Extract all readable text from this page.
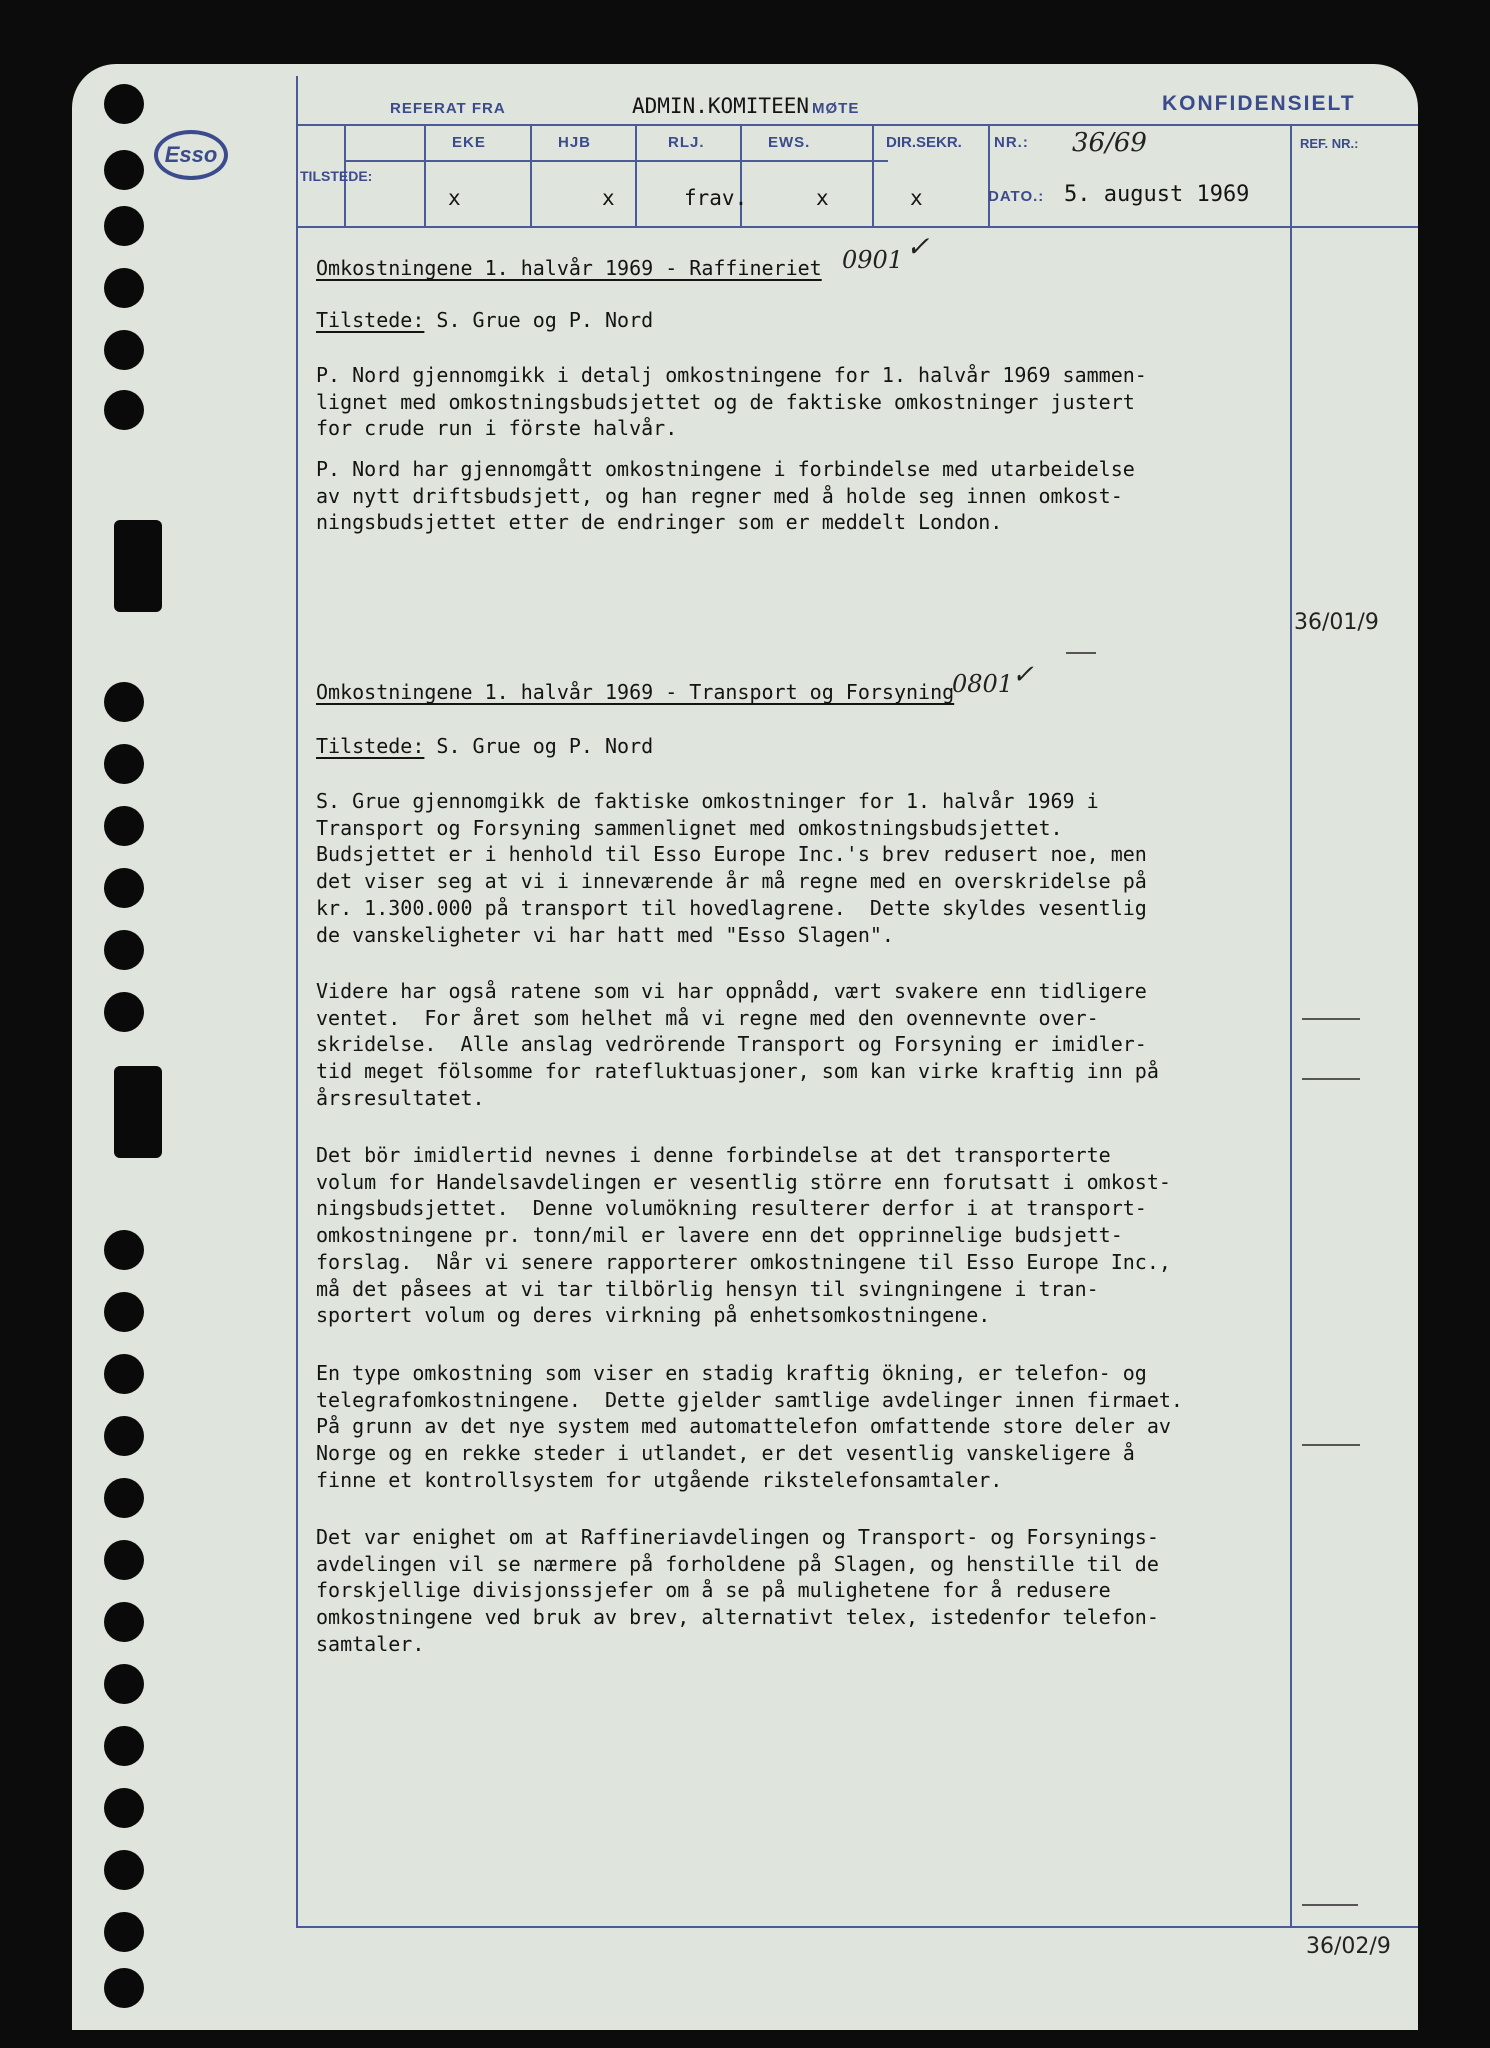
Esso
REFERAT FRA	ADMIN.KOMITEEN MØTE	KONFIDENSIELT
TILSTEDE:
EKE	HJB	RLJ.	EWS.	DIR.SEKR.
x	x	frav.	x	x
NR.: 36/69
DATO.: 5. august 1969
REF. NR.:
Omkostningene 1. halvår 1969 - Raffineriet 0901 ✓
Tilstede: S. Grue og P. Nord
P. Nord gjennomgikk i detalj omkostningene for 1. halvår 1969 sammen-
lignet med omkostningsbudsjettet og de faktiske omkostninger justert
for crude run i förste halvår.
P. Nord har gjennomgått omkostningene i forbindelse med utarbeidelse
av nytt driftsbudsjett, og han regner med å holde seg innen omkost-
ningsbudsjettet etter de endringer som er meddelt London.
36/01/9
Omkostningene 1. halvår 1969 - Transport og Forsyning
0801
✓
Tilstede: S. Grue og P. Nord
S. Grue gjennomgikk de faktiske omkostninger for 1. halvår 1969 i
Transport og Forsyning sammenlignet med omkostningsbudsjettet.
Budsjettet er i henhold til Esso Europe Inc.'s brev redusert noe, men
det viser seg at vi i inneværende år må regne med en overskridelse på
kr. 1.300.000 på transport til hovedlagrene.  Dette skyldes vesentlig
de vanskeligheter vi har hatt med "Esso Slagen".
Videre har også ratene som vi har oppnådd, vært svakere enn tidligere
ventet.  For året som helhet må vi regne med den ovennevnte over-
skridelse.  Alle anslag vedrörende Transport og Forsyning er imidler-
tid meget fölsomme for ratefluktuasjoner, som kan virke kraftig inn på
årsresultatet.
Det bör imidlertid nevnes i denne forbindelse at det transporterte
volum for Handelsavdelingen er vesentlig större enn forutsatt i omkost-
ningsbudsjettet.  Denne volumökning resulterer derfor i at transport-
omkostningene pr. tonn/mil er lavere enn det opprinnelige budsjett-
forslag.  Når vi senere rapporterer omkostningene til Esso Europe Inc.,
må det påsees at vi tar tilbörlig hensyn til svingningene i tran-
sportert volum og deres virkning på enhetsomkostningene.
En type omkostning som viser en stadig kraftig ökning, er telefon- og
telegrafomkostningene.  Dette gjelder samtlige avdelinger innen firmaet.
På grunn av det nye system med automattelefon omfattende store deler av
Norge og en rekke steder i utlandet, er det vesentlig vanskeligere å
finne et kontrollsystem for utgående rikstelefonsamtaler.
Det var enighet om at Raffineriavdelingen og Transport- og Forsynings-
avdelingen vil se nærmere på forholdene på Slagen, og henstille til de
forskjellige divisjonssjefer om å se på mulighetene for å redusere
omkostningene ved bruk av brev, alternativt telex, istedenfor telefon-
samtaler.
36/02/9
